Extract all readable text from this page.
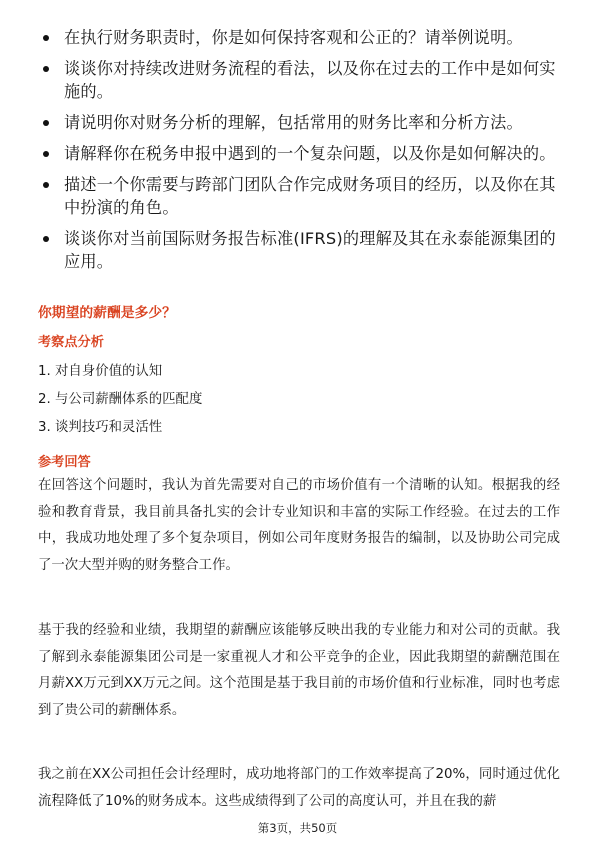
在执行财务职责时，你是如何保持客观和公正的？请举例说明。
谈谈你对持续改进财务流程的看法，以及你在过去的工作中是如何实施的。
请说明你对财务分析的理解，包括常用的财务比率和分析方法。
请解释你在税务申报中遇到的一个复杂问题，以及你是如何解决的。
描述一个你需要与跨部门团队合作完成财务项目的经历，以及你在其中扮演的角色。
谈谈你对当前国际财务报告标准(IFRS)的理解及其在永泰能源集团的应用。
你期望的薪酬是多少？
考察点分析
1. 对自身价值的认知
2. 与公司薪酬体系的匹配度
3. 谈判技巧和灵活性
参考回答

在回答这个问题时，我认为首先需要对自己的市场价值有一个清晰的认知。根据我的经验和教育背景，我目前具备扎实的会计专业知识和丰富的实际工作经验。在过去的工作中，我成功地处理了多个复杂项目，例如公司年度财务报告的编制，以及协助公司完成了一次大型并购的财务整合工作。

基于我的经验和业绩，我期望的薪酬应该能够反映出我的专业能力和对公司的贡献。我了解到永泰能源集团公司是一家重视人才和公平竞争的企业，因此我期望的薪酬范围在月薪XX万元到XX万元之间。这个范围是基于我目前的市场价值和行业标准，同时也考虑到了贵公司的薪酬体系。

我之前在XX公司担任会计经理时，成功地将部门的工作效率提高了20%，同时通过优化流程降低了10%的财务成本。这些成绩得到了公司的高度认可，并且在我的薪

第3页，共50页
